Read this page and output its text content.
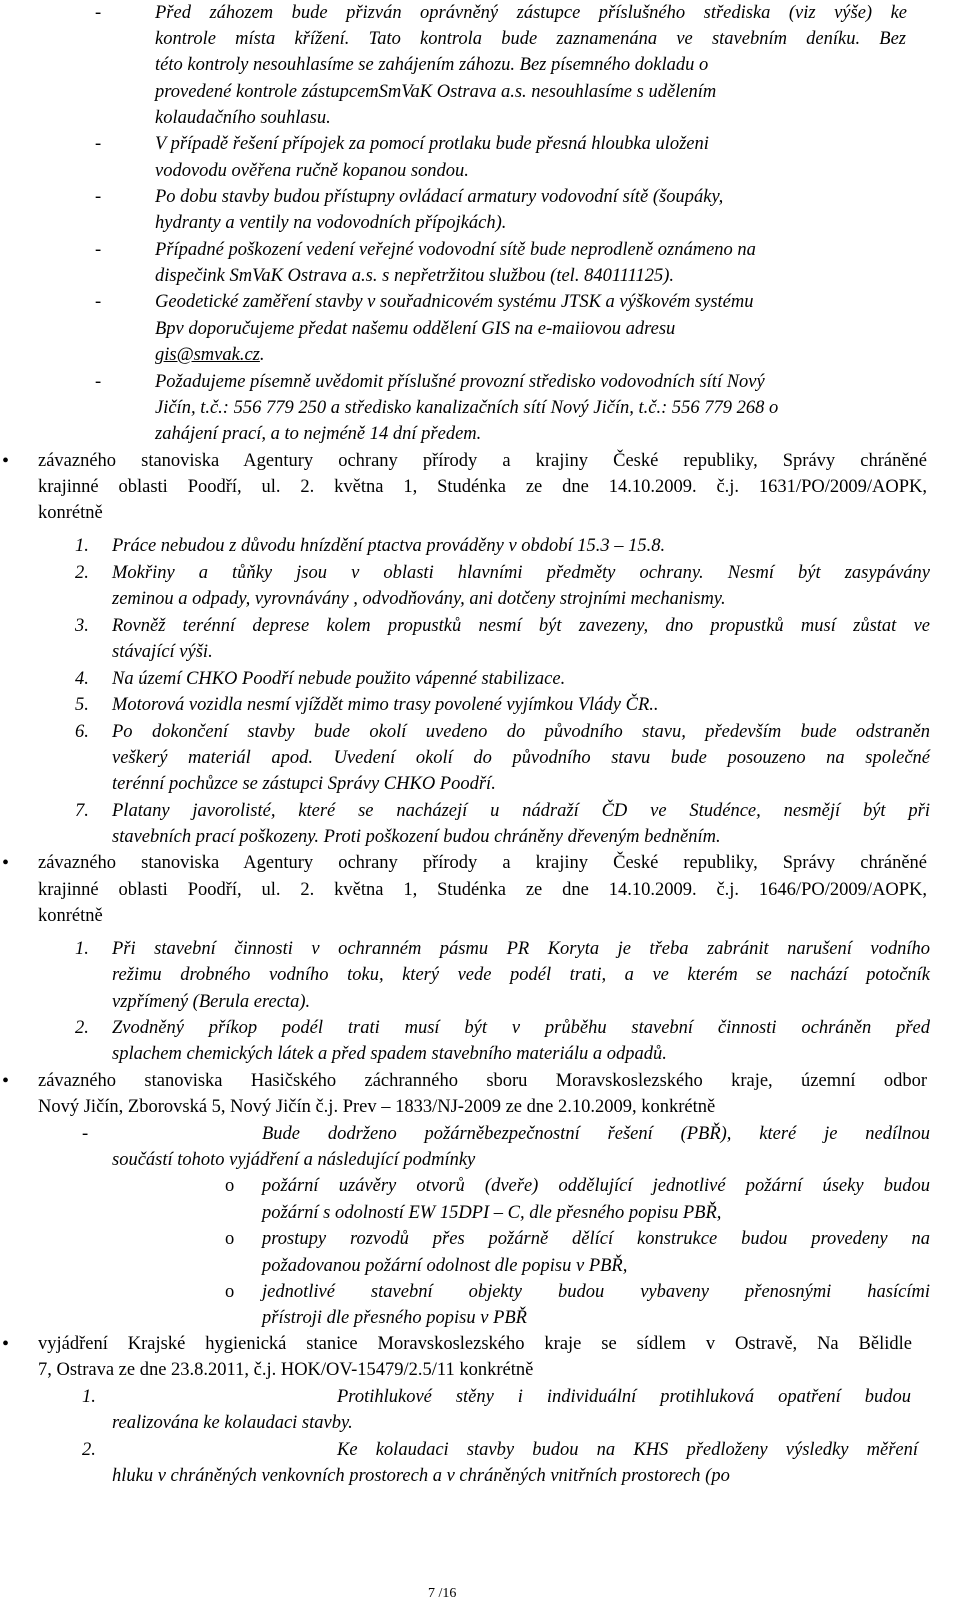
-	Před záhozem bude přizván oprávněný zástupce příslušného střediska (viz výše) ke
kontrole místa křížení. Tato kontrola bude zaznamenána ve stavebním deníku. Bez
této kontroly nesouhlasíme se zahájením záhozu. Bez písemného dokladu o
provedené kontrole zástupcemSmVaK Ostrava a.s. nesouhlasíme s udělením
kolaudačního souhlasu.
-	V případě řešení přípojek za pomocí protlaku bude přesná hloubka uloženi
vodovodu ověřena ručně kopanou sondou.
-	Po dobu stavby budou přístupny ovládací armatury vodovodní sítě (šoupáky,
hydranty a ventily na vodovodních přípojkách).
-	Případné poškození vedení veřejné vodovodní sítě bude neprodleně oznámeno na
dispečink SmVaK Ostrava a.s. s nepřetržitou službou (tel. 840111125).
-	Geodetické zaměření stavby v souřadnicovém systému JTSK a výškovém systému
Bpv doporučujeme předat našemu oddělení GIS na e-maiiovou adresu
gis@smvak.cz.
-	Požadujeme písemně uvědomit příslušné provozní středisko vodovodních sítí Nový
Jičín, t.č.: 556 779 250 a středisko kanalizačních sítí Nový Jičín, t.č.: 556 779 268 o
zahájení prací, a to nejméně 14 dní předem.
• závazného stanoviska Agentury ochrany přírody a krajiny České republiky, Správy chráněné
krajinné oblasti Poodří, ul. 2. května 1, Studénka ze dne 14.10.2009. č.j. 1631/PO/2009/AOPK,
konrétně
1. Práce nebudou z důvodu hnízdění ptactva prováděny v období 15.3 – 15.8.
2. Mokřiny a tůňky jsou v oblasti hlavními předměty ochrany. Nesmí být zasypávány
zeminou a odpady, vyrovnávány , odvodňovány, ani dotčeny strojními mechanismy.
3. Rovněž terénní deprese kolem propustků nesmí být zavezeny, dno propustků musí zůstat ve
stávající výši.
4. Na území CHKO Poodří nebude použito vápenné stabilizace.
5. Motorová vozidla nesmí vjíždět mimo trasy povolené vyjímkou Vlády ČR..
6. Po dokončení stavby bude okolí uvedeno do původního stavu, především bude odstraněn
veškerý materiál apod. Uvedení okolí do původního stavu bude posouzeno na společné
terénní pochůzce se zástupci Správy CHKO Poodří.
7. Platany javorolisté, které se nacházejí u nádraží ČD ve Studénce, nesmějí být při
stavebních prací poškozeny. Proti poškození budou chráněny dřeveným bedněním.
• závazného stanoviska Agentury ochrany přírody a krajiny České republiky, Správy chráněné
krajinné oblasti Poodří, ul. 2. května 1, Studénka ze dne 14.10.2009. č.j. 1646/PO/2009/AOPK,
konrétně
1. Při stavební činnosti v ochranném pásmu PR Koryta je třeba zabránit narušení vodního
režimu drobného vodního toku, který vede podél trati, a ve kterém se nachází potočník
vzpřímený (Berula erecta).
2. Zvodněný příkop podél trati musí být v průběhu stavební činnosti ochráněn před
splachem chemických látek a před spadem stavebního materiálu a odpadů.
• závazného stanoviska Hasičského záchranného sboru Moravskoslezského kraje, územní odbor
Nový Jičín, Zborovská 5, Nový Jičín č.j. Prev – 1833/NJ-2009 ze dne 2.10.2009, konkrétně
-	Bude dodrženo požárněbezpečnostní řešení (PBŘ), které je nedílnou
součástí tohoto vyjádření a následující podmínky
o požární uzávěry otvorů (dveře) oddělující jednotlivé požární úseky budou
požární s odolností EW 15DPI – C, dle přesného popisu PBŘ,
o prostupy rozvodů přes požárně dělící konstrukce budou provedeny na
požadovanou požární odolnost dle popisu v PBŘ,
o jednotlivé stavební objekty budou vybaveny přenosnými hasícími
přístroji dle přesného popisu v PBŘ
• vyjádření Krajské hygienická stanice Moravskoslezského kraje se sídlem v Ostravě, Na Bělidle
7, Ostrava ze dne 23.8.2011, č.j. HOK/OV-15479/2.5/11 konkrétně
1.	Protihlukové stěny i individuální protihluková opatření budou
realizována ke kolaudaci stavby.
2.	Ke kolaudaci stavby budou na KHS předloženy výsledky měření
hluku v chráněných venkovních prostorech a v chráněných vnitřních prostorech (po
7 /16
